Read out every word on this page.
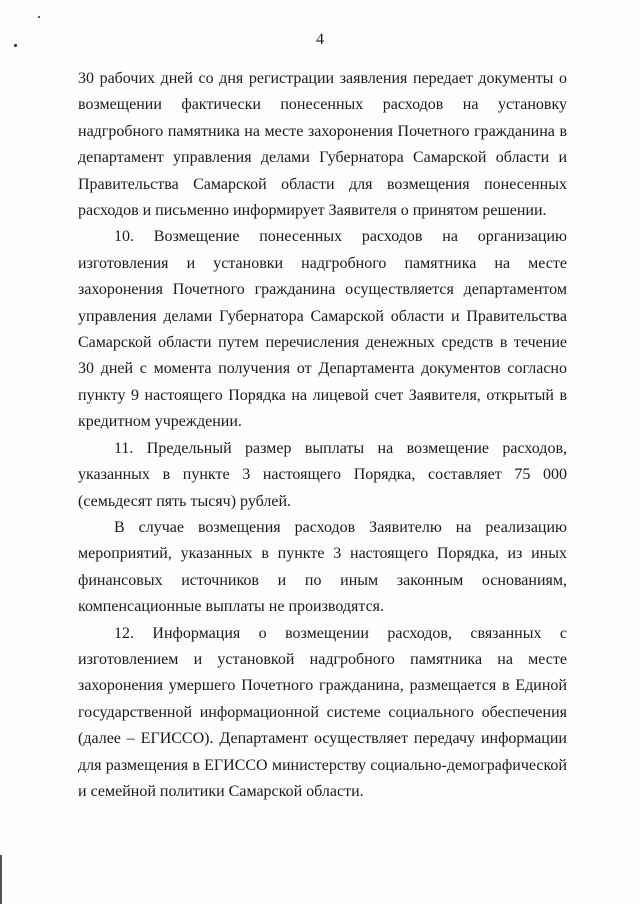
4

30 рабочих дней со дня регистрации заявления передает документы о возмещении фактически понесенных расходов на установку надгробного памятника на месте захоронения Почетного гражданина в департамент управления делами Губернатора Самарской области и Правительства Самарской области для возмещения понесенных расходов и письменно информирует Заявителя о принятом решении.

10. Возмещение понесенных расходов на организацию изготовления и установки надгробного памятника на месте захоронения Почетного гражданина осуществляется департаментом управления делами Губернатора Самарской области и Правительства Самарской области путем перечисления денежных средств в течение 30 дней с момента получения от Департамента документов согласно пункту 9 настоящего Порядка на лицевой счет Заявителя, открытый в кредитном учреждении.

11. Предельный размер выплаты на возмещение расходов, указанных в пункте 3 настоящего Порядка, составляет 75 000 (семьдесят пять тысяч) рублей.

В случае возмещения расходов Заявителю на реализацию мероприятий, указанных в пункте 3 настоящего Порядка, из иных финансовых источников и по иным законным основаниям, компенсационные выплаты не производятся.

12. Информация о возмещении расходов, связанных с изготовлением и установкой надгробного памятника на месте захоронения умершего Почетного гражданина, размещается в Единой государственной информационной системе социального обеспечения (далее – ЕГИССО). Департамент осуществляет передачу информации для размещения в ЕГИССО министерству социально-демографической и семейной политики Самарской области.
